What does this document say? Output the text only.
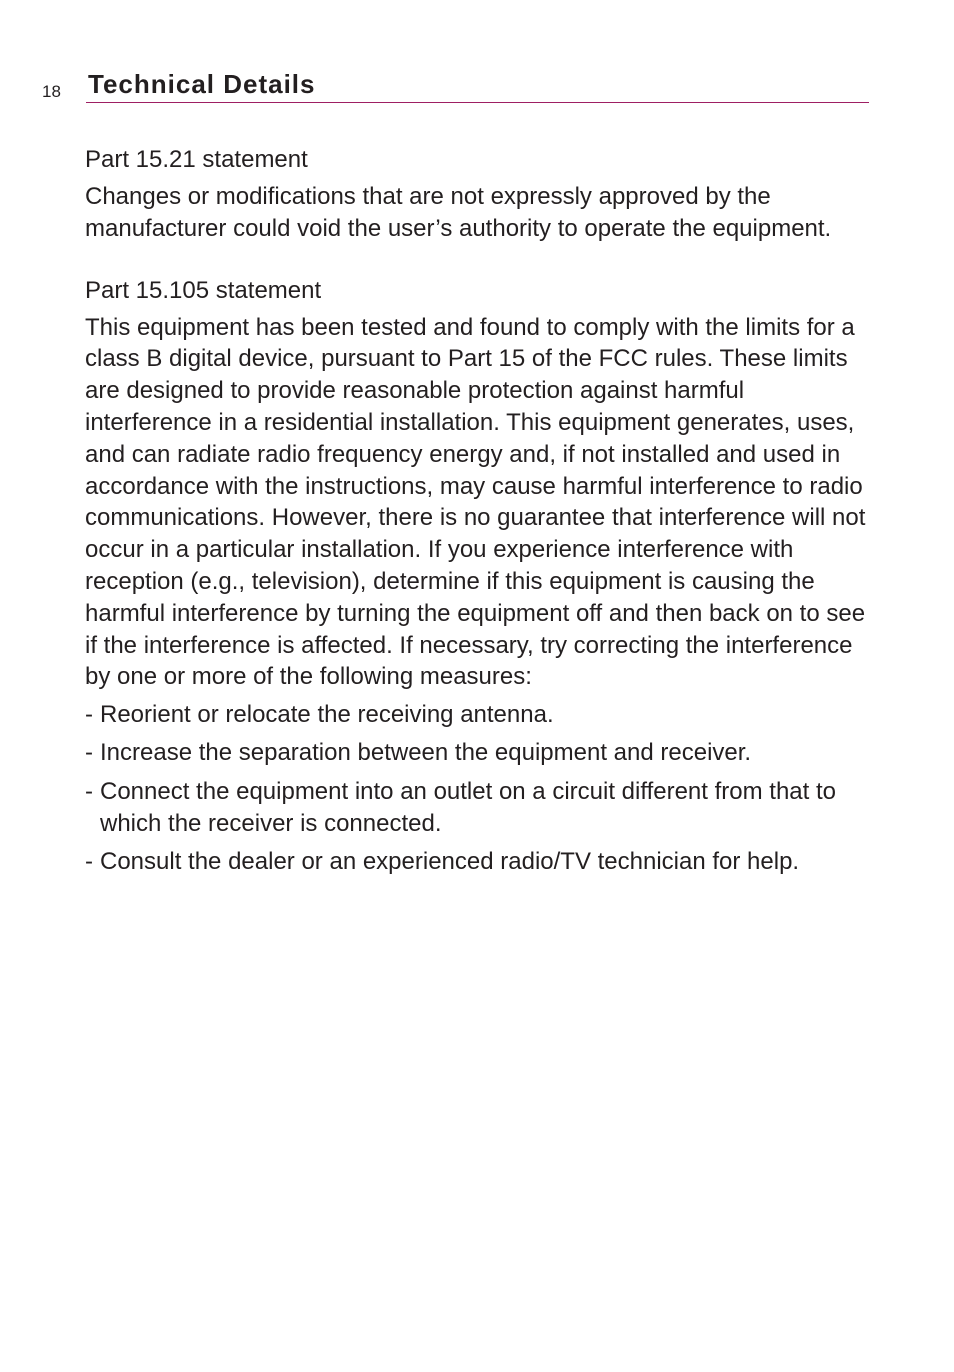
18 Technical Details

Part 15.21 statement

Changes or modifications that are not expressly approved by the manufacturer could void the user’s authority to operate the equipment.

Part 15.105 statement

This equipment has been tested and found to comply with the limits for a class B digital device, pursuant to Part 15 of the FCC rules. These limits are designed to provide reasonable protection against harmful interference in a residential installation. This equipment generates, uses, and can radiate radio frequency energy and, if not installed and used in accordance with the instructions, may cause harmful interference to radio communications. However, there is no guarantee that interference will not occur in a particular installation. If you experience interference with reception (e.g., television), determine if this equipment is causing the harmful interference by turning the equipment off and then back on to see if the interference is affected. If necessary, try correcting the interference by one or more of the following measures:

- Reorient or relocate the receiving antenna.
- Increase the separation between the equipment and receiver.
- Connect the equipment into an outlet on a circuit different from that to which the receiver is connected.
- Consult the dealer or an experienced radio/TV technician for help.
